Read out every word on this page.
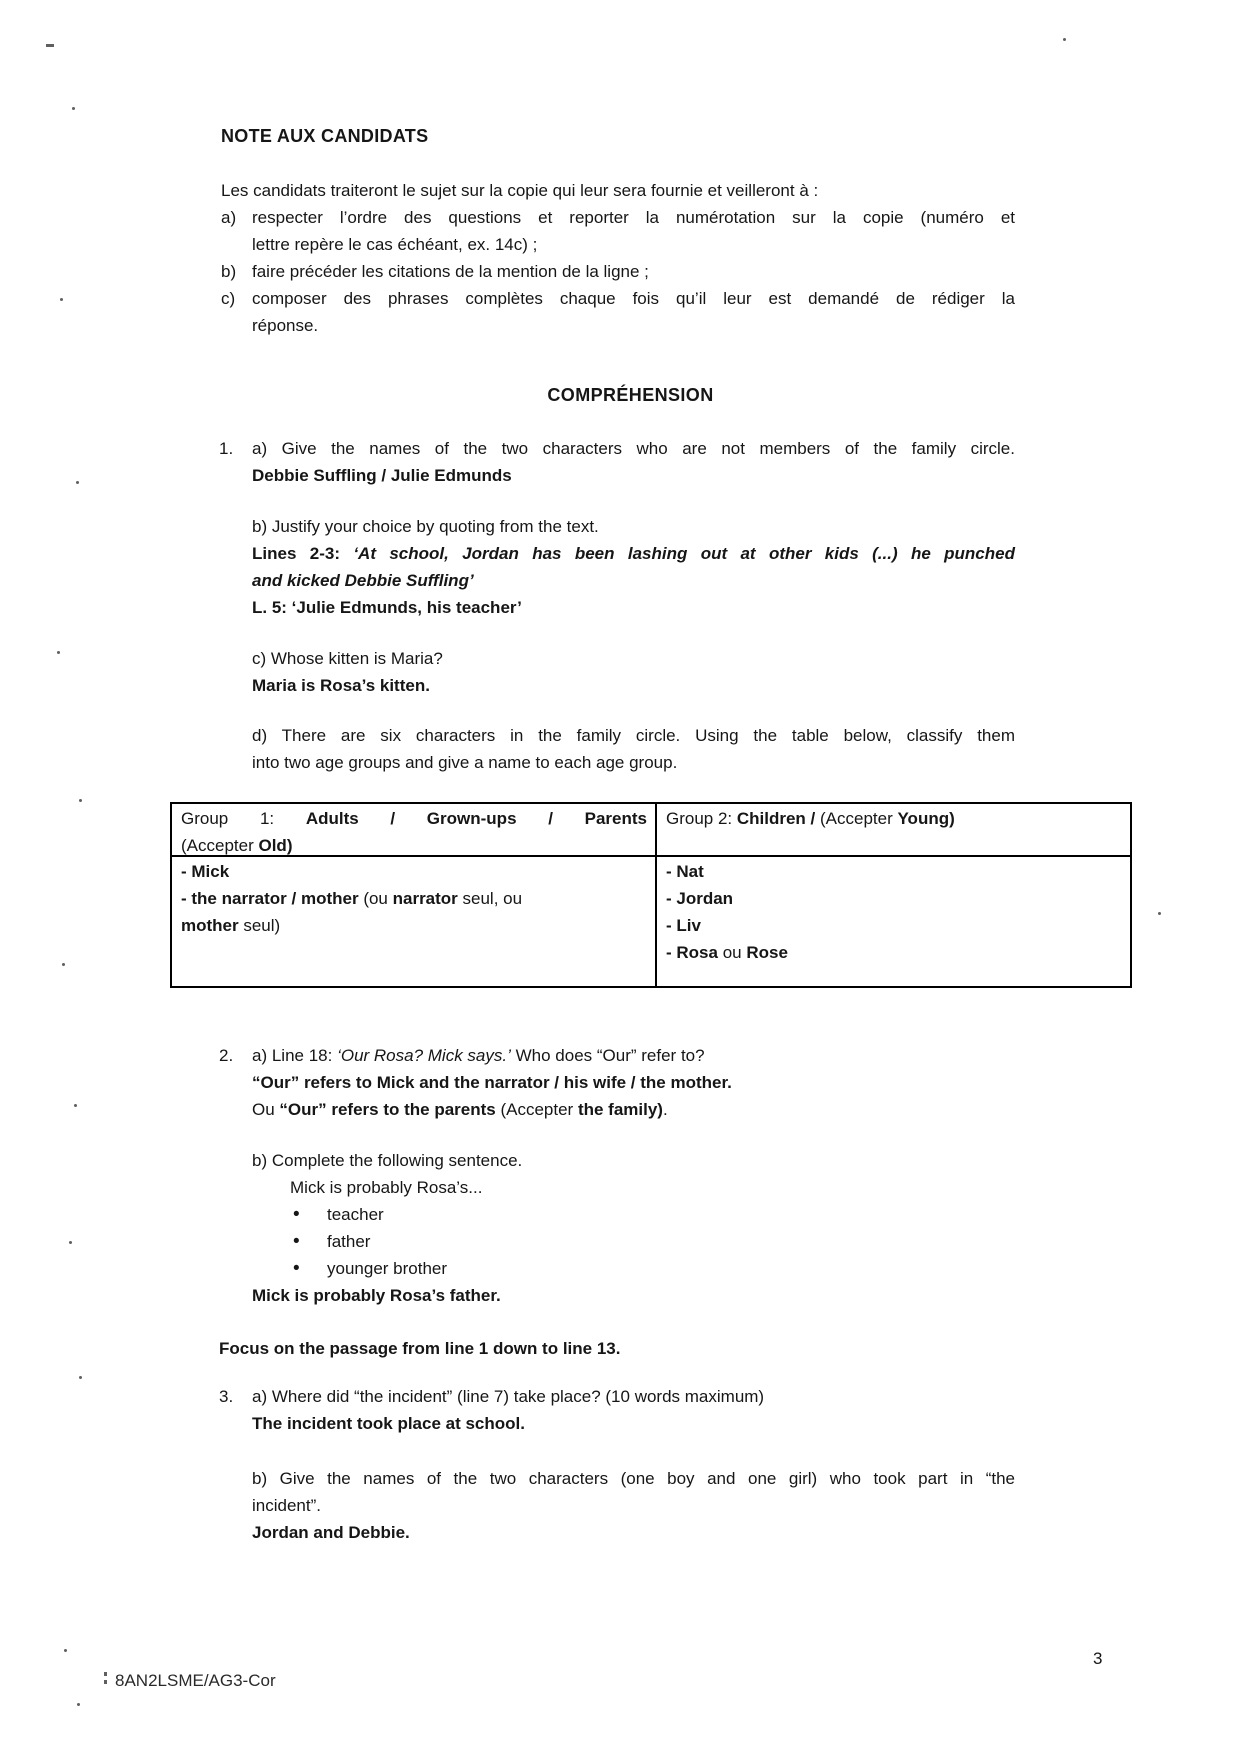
NOTE AUX CANDIDATS
Les candidats traiteront le sujet sur la copie qui leur sera fournie et veilleront à :
a) respecter l’ordre des questions et reporter la numérotation sur la copie (numéro et
lettre repère le cas échéant, ex. 14c) ;
b) faire précéder les citations de la mention de la ligne ;
c) composer des phrases complètes chaque fois qu’il leur est demandé de rédiger la
réponse.
COMPRÉHENSION
1. a) Give the names of the two characters who are not members of the family circle.
Debbie Suffling / Julie Edmunds
b) Justify your choice by quoting from the text.
Lines 2-3: ‘At school, Jordan has been lashing out at other kids (...) he punched
and kicked Debbie Suffling’
L. 5: ‘Julie Edmunds, his teacher’
c) Whose kitten is Maria?
Maria is Rosa’s kitten.
d) There are six characters in the family circle. Using the table below, classify them
into two age groups and give a name to each age group.
Group 1: Adults / Grown-ups / Parents
(Accepter Old)
Group 2: Children / (Accepter Young)
- Mick
- the narrator / mother (ou narrator seul, ou
mother seul)
- Nat
- Jordan
- Liv
- Rosa ou Rose
2. a) Line 18: ‘Our Rosa? Mick says.’ Who does “Our” refer to?
“Our” refers to Mick and the narrator / his wife / the mother.
Ou “Our” refers to the parents (Accepter the family).
b) Complete the following sentence.
Mick is probably Rosa’s...
• teacher
• father
• younger brother
Mick is probably Rosa’s father.
Focus on the passage from line 1 down to line 13.
3. a) Where did “the incident” (line 7) take place? (10 words maximum)
The incident took place at school.
b) Give the names of the two characters (one boy and one girl) who took part in “the
incident”.
Jordan and Debbie.
8AN2LSME/AG3-Cor
3
